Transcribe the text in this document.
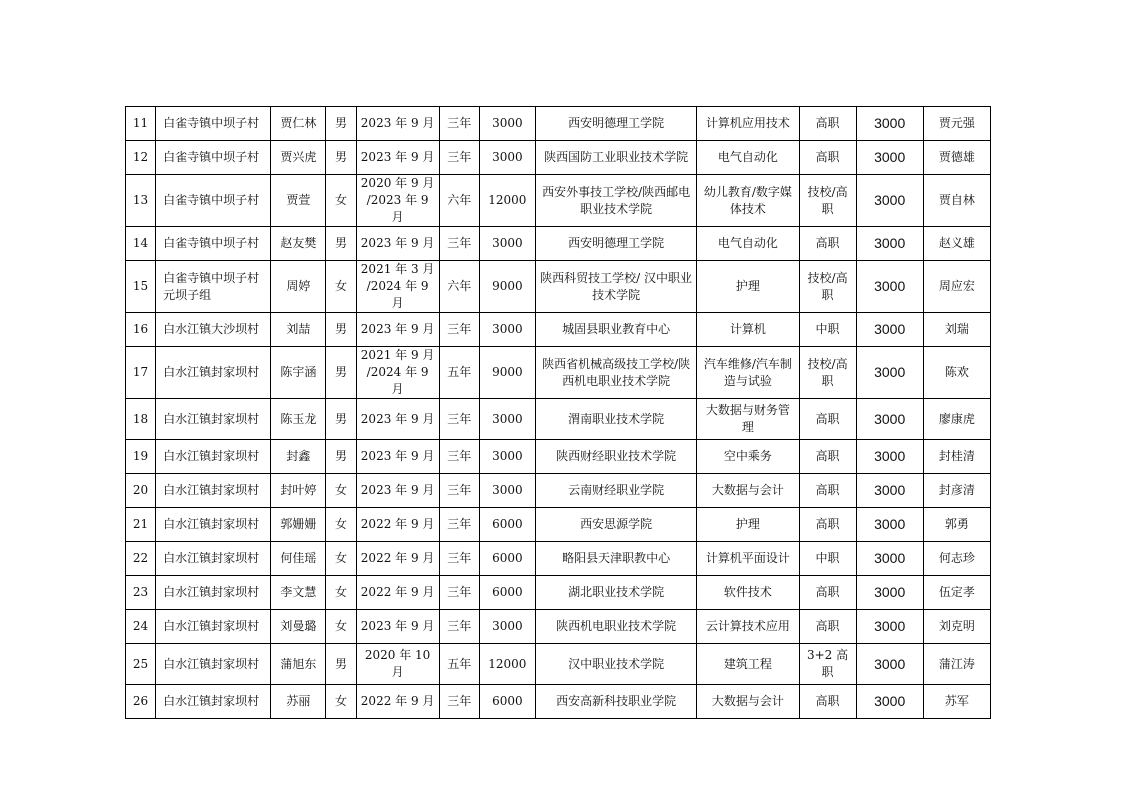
11	白雀寺镇中坝子村	贾仁林	男	2023 年 9 月	三年	3000	西安明德理工学院	计算机应用技术	高职	3000	贾元强
12	白雀寺镇中坝子村	贾兴虎	男	2023 年 9 月	三年	3000	陕西国防工业职业技术学院	电气自动化	高职	3000	贾德雄
13	白雀寺镇中坝子村	贾萱	女	2020 年 9 月 /2023 年 9 月	六年	12000	西安外事技工学校/陕西邮电职业技术学院	幼儿教育/数字媒体技术	技校/高职	3000	贾自林
14	白雀寺镇中坝子村	赵友樊	男	2023 年 9 月	三年	3000	西安明德理工学院	电气自动化	高职	3000	赵义雄
15	白雀寺镇中坝子村元坝子组	周婷	女	2021 年 3 月 /2024 年 9 月	六年	9000	陕西科贸技工学校/ 汉中职业技术学院	护理	技校/高职	3000	周应宏
16	白水江镇大沙坝村	刘喆	男	2023 年 9 月	三年	3000	城固县职业教育中心	计算机	中职	3000	刘瑞
17	白水江镇封家坝村	陈宇涵	男	2021 年 9 月 /2024 年 9 月	五年	9000	陕西省机械高级技工学校/陕西机电职业技术学院	汽车维修/汽车制造与试验	技校/高职	3000	陈欢
18	白水江镇封家坝村	陈玉龙	男	2023 年 9 月	三年	3000	渭南职业技术学院	大数据与财务管理	高职	3000	廖康虎
19	白水江镇封家坝村	封鑫	男	2023 年 9 月	三年	3000	陕西财经职业技术学院	空中乘务	高职	3000	封桂清
20	白水江镇封家坝村	封叶婷	女	2023 年 9 月	三年	3000	云南财经职业学院	大数据与会计	高职	3000	封彦清
21	白水江镇封家坝村	郭姗姗	女	2022 年 9 月	三年	6000	西安思源学院	护理	高职	3000	郭勇
22	白水江镇封家坝村	何佳瑶	女	2022 年 9 月	三年	6000	略阳县天津职教中心	计算机平面设计	中职	3000	何志珍
23	白水江镇封家坝村	李文慧	女	2022 年 9 月	三年	6000	湖北职业技术学院	软件技术	高职	3000	伍定孝
24	白水江镇封家坝村	刘曼璐	女	2023 年 9 月	三年	3000	陕西机电职业技术学院	云计算技术应用	高职	3000	刘克明
25	白水江镇封家坝村	蒲旭东	男	2020 年 10 月	五年	12000	汉中职业技术学院	建筑工程	3+2 高职	3000	蒲江涛
26	白水江镇封家坝村	苏丽	女	2022 年 9 月	三年	6000	西安高新科技职业学院	大数据与会计	高职	3000	苏军
